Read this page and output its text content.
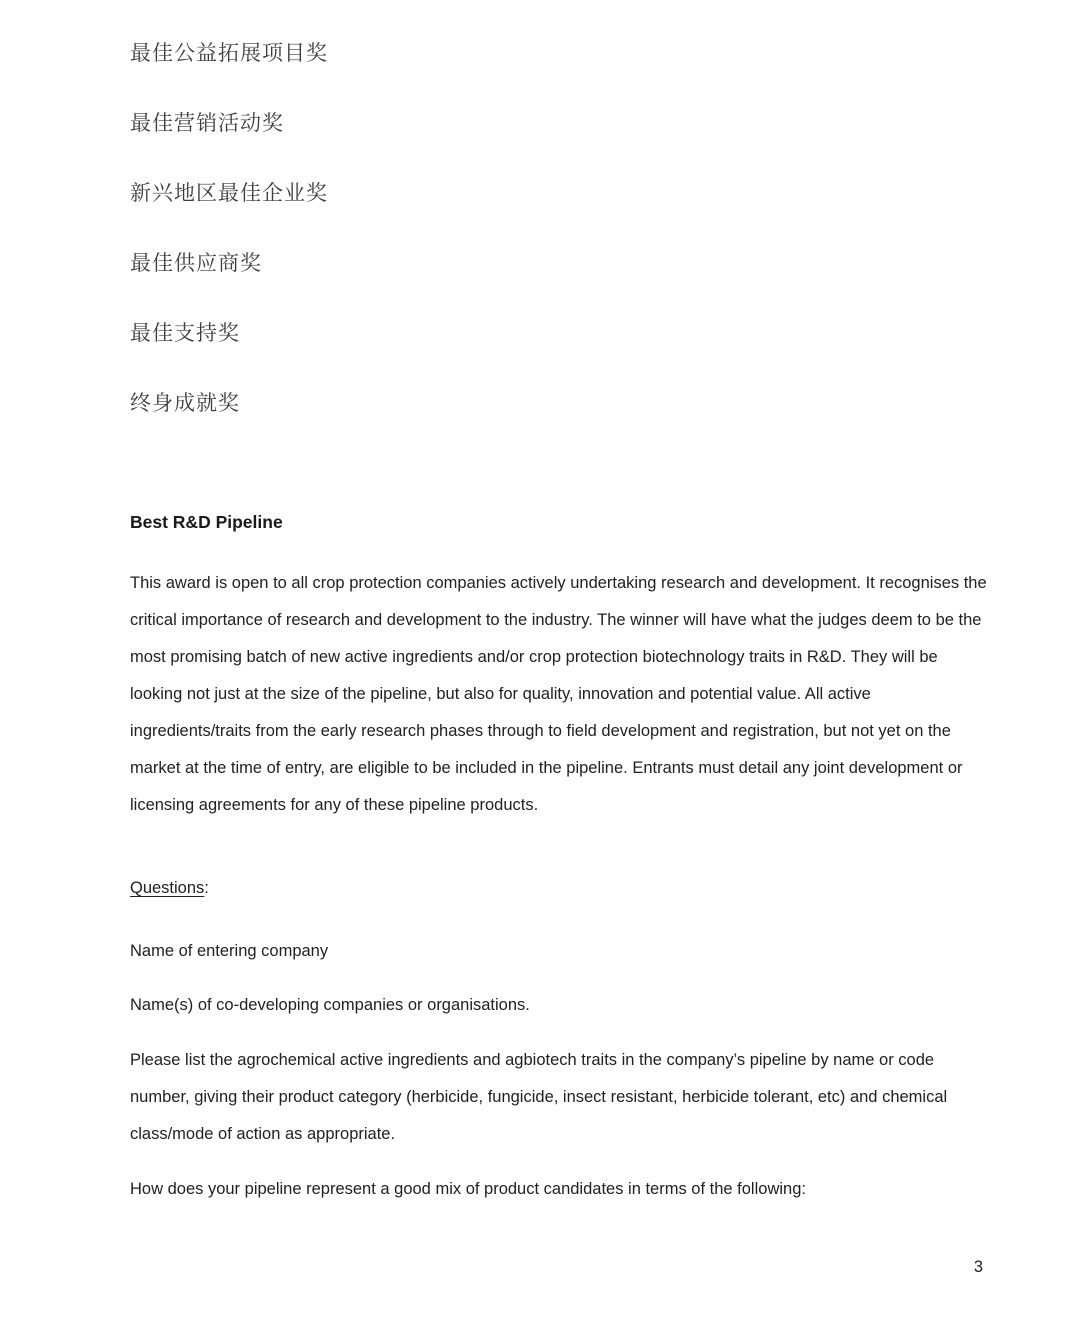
最佳公益拓展项目奖
最佳营销活动奖
新兴地区最佳企业奖
最佳供应商奖
最佳支持奖
终身成就奖
Best R&D Pipeline

This award is open to all crop protection companies actively undertaking research and development. It recognises the critical importance of research and development to the industry. The winner will have what the judges deem to be the most promising batch of new active ingredients and/or crop protection biotechnology traits in R&D. They will be looking not just at the size of the pipeline, but also for quality, innovation and potential value. All active ingredients/traits from the early research phases through to field development and registration, but not yet on the market at the time of entry, are eligible to be included in the pipeline. Entrants must detail any joint development or licensing agreements for any of these pipeline products.

Questions:

Name of entering company

Name(s) of co-developing companies or organisations.

Please list the agrochemical active ingredients and agbiotech traits in the company’s pipeline by name or code number, giving their product category (herbicide, fungicide, insect resistant, herbicide tolerant, etc) and chemical class/mode of action as appropriate.

How does your pipeline represent a good mix of product candidates in terms of the following:

3
